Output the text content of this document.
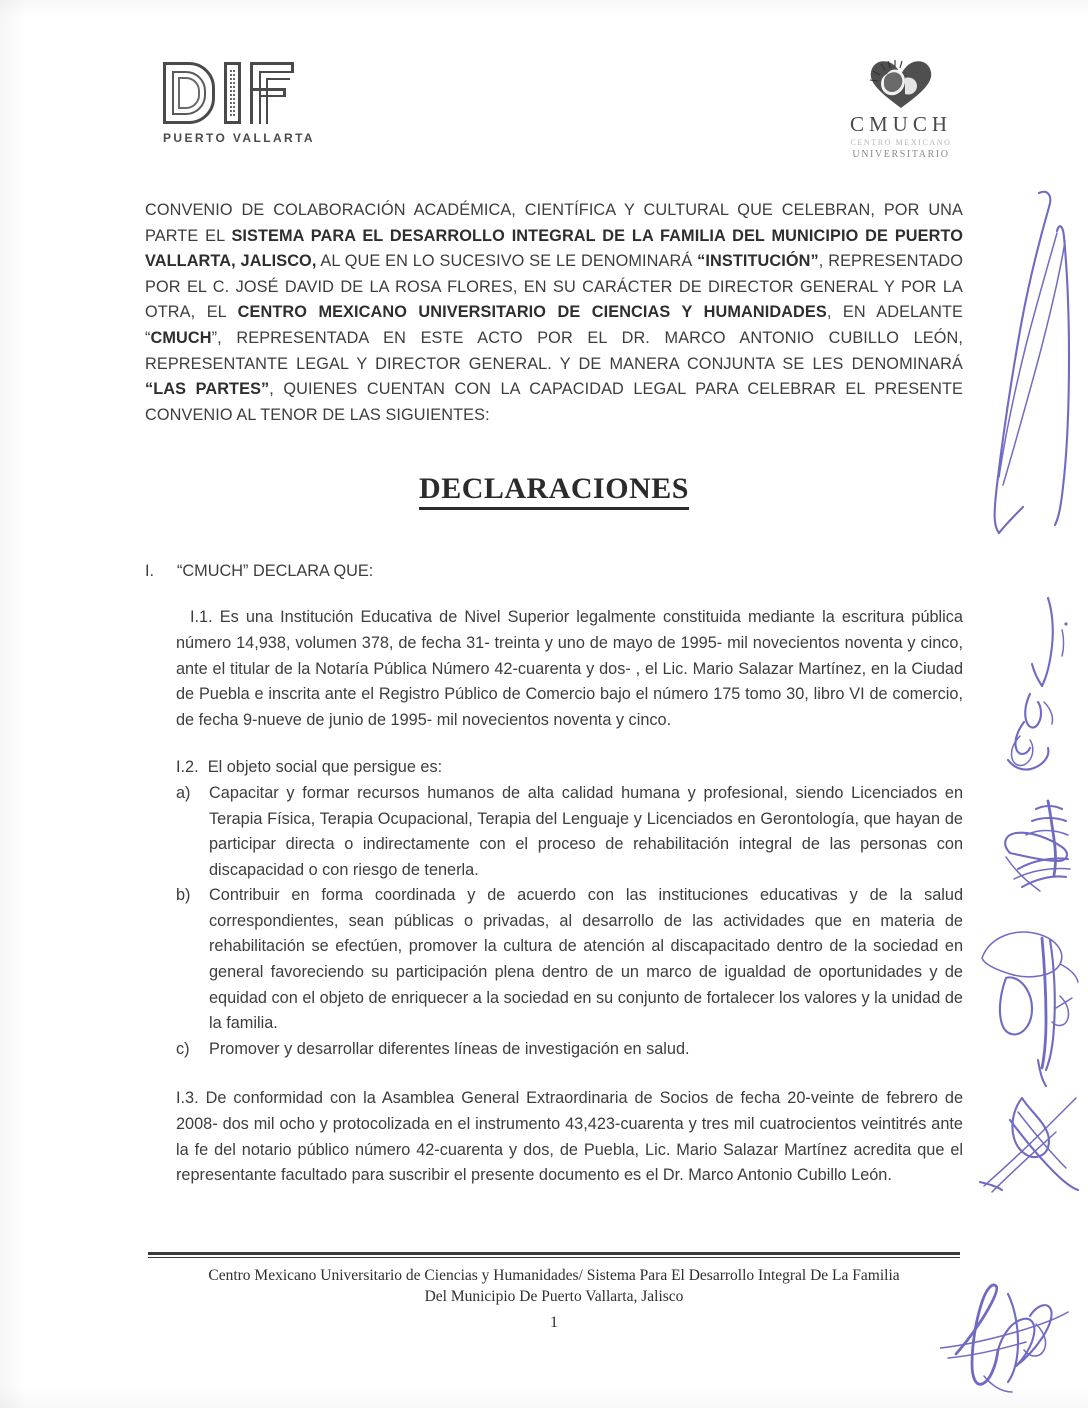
PUERTO VALLARTA
CMUCH
CENTRO MEXICANO
UNIVERSITARIO
CONVENIO DE COLABORACIÓN ACADÉMICA, CIENTÍFICA Y CULTURAL QUE CELEBRAN, POR UNA PARTE EL SISTEMA PARA EL DESARROLLO INTEGRAL DE LA FAMILIA DEL MUNICIPIO DE PUERTO VALLARTA, JALISCO, AL QUE EN LO SUCESIVO SE LE DENOMINARÁ “INSTITUCIÓN”, REPRESENTADO POR EL C. JOSÉ DAVID DE LA ROSA FLORES, EN SU CARÁCTER DE DIRECTOR GENERAL Y POR LA OTRA, EL CENTRO MEXICANO UNIVERSITARIO DE CIENCIAS Y HUMANIDADES, EN ADELANTE “CMUCH”, REPRESENTADA EN ESTE ACTO POR EL DR. MARCO ANTONIO CUBILLO LEÓN, REPRESENTANTE LEGAL Y DIRECTOR GENERAL. Y DE MANERA CONJUNTA SE LES DENOMINARÁ “LAS PARTES”, QUIENES CUENTAN CON LA CAPACIDAD LEGAL PARA CELEBRAR EL PRESENTE CONVENIO AL TENOR DE LAS SIGUIENTES:
DECLARACIONES
I.	“CMUCH” DECLARA QUE:
I.1. Es una Institución Educativa de Nivel Superior legalmente constituida mediante la escritura pública número 14,938, volumen 378, de fecha 31- treinta y uno de mayo de 1995- mil novecientos noventa y cinco, ante el titular de la Notaría Pública Número 42-cuarenta y dos- , el Lic. Mario Salazar Martínez, en la Ciudad de Puebla e inscrita ante el Registro Público de Comercio bajo el número 175 tomo 30, libro VI de comercio, de fecha 9-nueve de junio de 1995- mil novecientos noventa y cinco.
I.2. El objeto social que persigue es:
a)	Capacitar y formar recursos humanos de alta calidad humana y profesional, siendo Licenciados en Terapia Física, Terapia Ocupacional, Terapia del Lenguaje y Licenciados en Gerontología, que hayan de participar directa o indirectamente con el proceso de rehabilitación integral de las personas con discapacidad o con riesgo de tenerla.
b)	Contribuir en forma coordinada y de acuerdo con las instituciones educativas y de la salud correspondientes, sean públicas o privadas, al desarrollo de las actividades que en materia de rehabilitación se efectúen, promover la cultura de atención al discapacitado dentro de la sociedad en general favoreciendo su participación plena dentro de un marco de igualdad de oportunidades y de equidad con el objeto de enriquecer a la sociedad en su conjunto de fortalecer los valores y la unidad de la familia.
c)	Promover y desarrollar diferentes líneas de investigación en salud.
I.3. De conformidad con la Asamblea General Extraordinaria de Socios de fecha 20-veinte de febrero de 2008- dos mil ocho y protocolizada en el instrumento 43,423-cuarenta y tres mil cuatrocientos veintitrés ante la fe del notario público número 42-cuarenta y dos, de Puebla, Lic. Mario Salazar Martínez acredita que el representante facultado para suscribir el presente documento es el Dr. Marco Antonio Cubillo León.
Centro Mexicano Universitario de Ciencias y Humanidades/ Sistema Para El Desarrollo Integral De La Familia
Del Municipio De Puerto Vallarta, Jalisco
1
